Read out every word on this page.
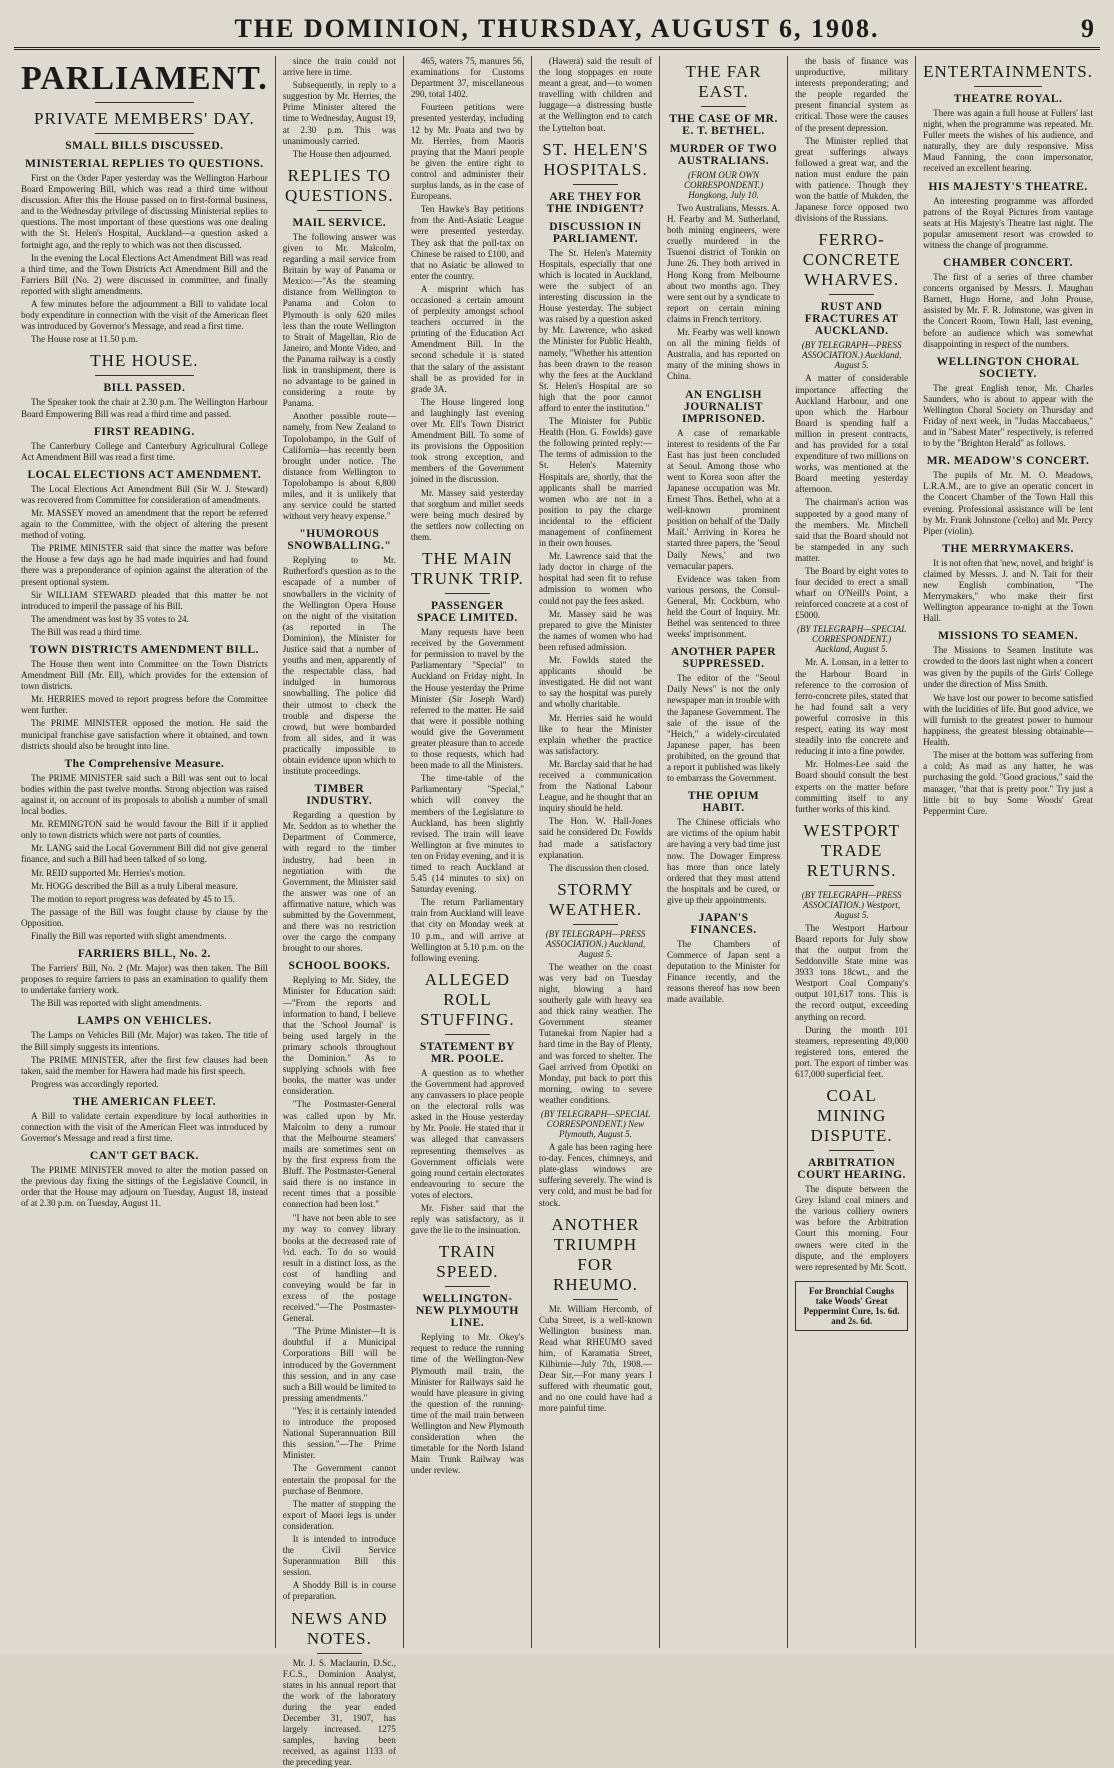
THE DOMINION, THURSDAY, AUGUST 6, 1908.	9
PARLIAMENT.
PRIVATE MEMBERS' DAY.
SMALL BILLS DISCUSSED.
MINISTERIAL REPLIES TO QUESTIONS.

First on the Order Paper yesterday was the Wellington Harbour Board Empowering Bill, which was read a third time without discussion. After this the House passed on to first-formal business, and to the Wednesday privilege of discussing Ministerial replies to questions. The most important of these questions was one dealing with the St. Helen's Hospital, Auckland—a question asked a fortnight ago, and the reply to which was not then discussed.

In the evening the Local Elections Act Amendment Bill was read a third time, and the Town Districts Act Amendment Bill and the Farriers Bill (No. 2) were discussed in committee, and finally reported with slight amendments.

A few minutes before the adjournment a Bill to validate local body expenditure in connection with the visit of the American fleet was introduced by Governor's Message, and read a first time.

The House rose at 11.50 p.m.

THE HOUSE.
BILL PASSED.

The Speaker took the chair at 2.30 p.m. The Wellington Harbour Board Empowering Bill was read a third time and passed.

FIRST READING.

The Canterbury College and Canterbury Agricultural College Act Amendment Bill was read a first time.

LOCAL ELECTIONS ACT AMENDMENT.

The Local Elections Act Amendment Bill (Sir W. J. Steward) was recovered from Committee for consideration of amendments.

Mr. MASSEY moved an amendment that the report be referred again to the Committee, with the object of altering the present method of voting.

The PRIME MINISTER said that since the matter was before the House a few days ago he had made inquiries and had found there was a preponderance of opinion against the alteration of the present optional system.

Sir WILLIAM STEWARD pleaded that this matter be not introduced to imperil the passage of his Bill.

The amendment was lost by 35 votes to 24.

The Bill was read a third time.

TOWN DISTRICTS AMENDMENT BILL.

The House then went into Committee on the Town Districts Amendment Bill (Mr. Ell), which provides for the extension of town districts.

Mr. HERRIES moved to report progress before the Committee went further.

The PRIME MINISTER opposed the motion. He said the municipal franchise gave satisfaction where it obtained, and town districts should also be brought into line.

The Comprehensive Measure.

The PRIME MINISTER said such a Bill was sent out to local bodies within the past twelve months. Strong objection was raised against it, on account of its proposals to abolish a number of small local bodies.

Mr. REMINGTON said he would favour the Bill if it applied only to town districts which were not parts of counties.

Mr. LANG said the Local Government Bill did not give general finance, and such a Bill had been talked of so long.

Mr. REID supported Mr. Herries's motion.

Mr. HOGG described the Bill as a truly Liberal measure.

The motion to report progress was defeated by 45 to 15.

The passage of the Bill was fought clause by clause by the Opposition.

Finally the Bill was reported with slight amendments.

FARRIERS BILL, No. 2.

The Farriers' Bill, No. 2 (Mr. Major) was then taken. The Bill proposes to require farriers to pass an examination to qualify them to undertake farriery work.

The Bill was reported with slight amendments.

LAMPS ON VEHICLES.

The Lamps on Vehicles Bill (Mr. Major) was taken. The title of the Bill simply suggests its intentions.

The PRIME MINISTER, after the first few clauses had been taken, said the member for Hawera had made his first speech.

Progress was accordingly reported.

THE AMERICAN FLEET.

A Bill to validate certain expenditure by local authorities in connection with the visit of the American Fleet was introduced by Governor's Message and read a first time.

CAN'T GET BACK.

The PRIME MINISTER moved to alter the motion passed on the previous day fixing the sittings of the Legislative Council, in order that the House may adjourn on Tuesday, August 18, instead of at 2.30 p.m. on Tuesday, August 11.

since the train could not arrive here in time.

Subsequently, in reply to a suggestion by Mr. Herries, the Prime Minister altered the time to Wednesday, August 19, at 2.30 p.m. This was unanimously carried.

The House then adjourned.

REPLIES TO QUESTIONS.
MAIL SERVICE.

The following answer was given to Mr. Malcolm, regarding a mail service from Britain by way of Panama or Mexico:—"As the steaming distance from Wellington to Panama and Colon to Plymouth is only 620 miles less than the route Wellington to Strait of Magellan, Rio de Janeiro, and Monte Video, and the Panama railway is a costly link in transhipment, there is no advantage to be gained in considering a route by Panama.

Another possible route—namely, from New Zealand to Topolobampo, in the Gulf of California—has recently been brought under notice. The distance from Wellington to Topolobampo is about 6,800 miles, and it is unlikely that any service could be started without very heavy expense."

"HUMOROUS SNOWBALLING."

Replying to Mr. Rutherford's question as to the escapade of a number of snowballers in the vicinity of the Wellington Opera House on the night of the visitation (as reported in The Dominion), the Minister for Justice said that a number of youths and men, apparently of the respectable class, had indulged in humorous snowballing. The police did their utmost to check the trouble and disperse the crowd, but were bombarded from all sides, and it was practically impossible to obtain evidence upon which to institute proceedings.

TIMBER INDUSTRY.

Regarding a question by Mr. Seddon as to whether the Department of Commerce, with regard to the timber industry, had been in negotiation with the Government, the Minister said the answer was one of an affirmative nature, which was submitted by the Government, and there was no restriction over the cargo the company brought to our shores.

SCHOOL BOOKS.

Replying to Mr. Sidey, the Minister for Education said:—"From the reports and information to hand, I believe that the 'School Journal' is being used largely in the primary schools throughout the Dominion." As to supplying schools with free books, the matter was under consideration.

"The Postmaster-General was called upon by Mr. Malcolm to deny a rumour that the Melbourne steamers' mails are sometimes sent on by the first express from the Bluff. The Postmaster-General said there is no instance in recent times that a possible connection had been lost."

"I have not been able to see my way to convey library books at the decreased rate of ½d. each. To do so would result in a distinct loss, as the cost of handling and conveying would be far in excess of the postage received."—The Postmaster-General.

"The Prime Minister—It is doubtful if a Municipal Corporations Bill will be introduced by the Government this session, and in any case such a Bill would be limited to pressing amendments."

"Yes; it is certainly intended to introduce the proposed National Superannuation Bill this session."—The Prime Minister.

The Government cannot entertain the proposal for the purchase of Benmore.

The matter of stopping the export of Maori legs is under consideration.

It is intended to introduce the Civil Service Superannuation Bill this session.

A Shoddy Bill is in course of preparation.

NEWS AND NOTES.

Mr. J. S. Maclaurin, D.Sc., F.C.S., Dominion Analyst, states in his annual report that the work of the laboratory during the year ended December 31, 1907, has largely increased. 1275 samples, having been received, as against 1133 of the preceding year.

465, waters 75, manures 56, examinations for Customs Department 37, miscellaneous 290, total 1402.

Fourteen petitions were presented yesterday, including 12 by Mr. Poata and two by Mr. Herries, from Maoris praying that the Maori people be given the entire right to control and administer their surplus lands, as in the case of Europeans.

Ten Hawke's Bay petitions from the Anti-Asiatic League were presented yesterday. They ask that the poll-tax on Chinese be raised to £100, and that no Asiatic be allowed to enter the country.

A misprint which has occasioned a certain amount of perplexity amongst school teachers occurred in the printing of the Education Act Amendment Bill. In the second schedule it is stated that the salary of the assistant shall be as provided for in grade 3A.

The House lingered long and laughingly last evening over Mr. Ell's Town District Amendment Bill. To some of its provisions the Opposition took strong exception, and members of the Government joined in the discussion.

Mr. Massey said yesterday that sorghum and millet seeds were being much desired by the settlers now collecting on them.

THE MAIN TRUNK TRIP.
PASSENGER SPACE LIMITED.

Many requests have been received by the Government for permission to travel by the Parliamentary "Special" to Auckland on Friday night. In the House yesterday the Prime Minister (Sir Joseph Ward) referred to the matter. He said that were it possible nothing would give the Government greater pleasure than to accede to those requests, which had been made to all the Ministers.

The time-table of the Parliamentary "Special," which will convey the members of the Legislature to Auckland, has been slightly revised. The train will leave Wellington at five minutes to ten on Friday evening, and it is timed to reach Auckland at 5.45 (14 minutes to six) on Saturday evening.

The return Parliamentary train from Auckland will leave that city on Monday week at 10 p.m., and will arrive at Wellington at 5.10 p.m. on the following evening.

ALLEGED ROLL STUFFING.
STATEMENT BY MR. POOLE.

A question as to whether the Government had approved any canvassers to place people on the electoral rolls was asked in the House yesterday by Mr. Poole. He stated that it was alleged that canvassers representing themselves as Government officials were going round certain electorates endeavouring to secure the votes of electors.

Mr. Fisher said that the reply was satisfactory, as it gave the lie to the insinuation.

TRAIN SPEED.
WELLINGTON-NEW PLYMOUTH LINE.

Replying to Mr. Okey's request to reduce the running time of the Wellington-New Plymouth mail train, the Minister for Railways said he would have pleasure in giving the question of the running-time of the mail train between Wellington and New Plymouth consideration when the timetable for the North Island Main Trunk Railway was under review.

(Hawera) said the result of the long stoppages en route meant a great, and—to women travelling with children and luggage—a distressing bustle at the Wellington end to catch the Lyttelton boat.

ST. HELEN'S HOSPITALS.
ARE THEY FOR THE INDIGENT?
DISCUSSION IN PARLIAMENT.

The St. Helen's Maternity Hospitals, especially that one which is located in Auckland, were the subject of an interesting discussion in the House yesterday. The subject was raised by a question asked by Mr. Lawrence, who asked the Minister for Public Health, namely, "Whether his attention has been drawn to the reason why the fees at the Auckland St. Helen's Hospital are so high that the poor cannot afford to enter the institution."

The Minister for Public Health (Hon. G. Fowlds) gave the following printed reply:—The terms of admission to the St. Helen's Maternity Hospitals are, shortly, that the applicants shall be married women who are not in a position to pay the charge incidental to the efficient management of confinement in their own houses.

Mr. Lawrence said that the lady doctor in charge of the hospital had seen fit to refuse admission to women who could not pay the fees asked.

Mr. Massey said he was prepared to give the Minister the names of women who had been refused admission.

Mr. Fowlds stated the applicants should be investigated. He did not want to say the hospital was purely and wholly charitable.

Mr. Herries said he would like to hear the Minister explain whether the practice was satisfactory.

Mr. Barclay said that he had received a communication from the National Labour League, and he thought that an inquiry should be held.

The Hon. W. Hall-Jones said he considered Dr. Fowlds had made a satisfactory explanation.

The discussion then closed.

STORMY WEATHER.
(BY TELEGRAPH—PRESS ASSOCIATION.) Auckland, August 5.

The weather on the coast was very bad on Tuesday night, blowing a hard southerly gale with heavy sea and thick rainy weather. The Government steamer Tutanekai from Napier had a hard time in the Bay of Plenty, and was forced to shelter. The Gael arrived from Opotiki on Monday, put back to port this morning, owing to severe weather conditions.

(BY TELEGRAPH—SPECIAL CORRESPONDENT.) New Plymouth, August 5.

A gale has been raging here to-day. Fences, chimneys, and plate-glass windows are suffering severely. The wind is very cold, and must be bad for stock.

ANOTHER TRIUMPH FOR RHEUMO.

Mr. William Hercomb, of Cuba Street, is a well-known Wellington business man. Read what RHEUMO saved him, of Karamatia Street, Kilbirnie—July 7th, 1908.—Dear Sir,—For many years I suffered with rheumatic gout, and no one could have had a more painful time.

THE FAR EAST.
THE CASE OF MR. E. T. BETHEL.
MURDER OF TWO AUSTRALIANS.
(FROM OUR OWN CORRESPONDENT.) Hongkong, July 10.

Two Australians, Messrs. A. H. Fearby and M. Sutherland, both mining engineers, were cruelly murdered in the Tsuenoi district of Tonkin on June 26. They both arrived in Hong Kong from Melbourne about two months ago. They were sent out by a syndicate to report on certain mining claims in French territory.

Mr. Fearby was well known on all the mining fields of Australia, and has reported on many of the mining shows in China.

AN ENGLISH JOURNALIST IMPRISONED.

A case of remarkable interest to residents of the Far East has just been concluded at Seoul. Among those who went to Korea soon after the Japanese occupation was Mr. Ernest Thos. Bethel, who at a well-known prominent position on behalf of the 'Daily Mail.' Arriving in Korea he started three papers, the 'Seoul Daily News,' and two vernacular papers.

Evidence was taken from various persons, the Consul-General, Mr. Cockburn, who held the Court of Inquiry. Mr. Bethel was sentenced to three weeks' imprisonment.

ANOTHER PAPER SUPPRESSED.

The editor of the "Seoul Daily News" is not the only newspaper man in trouble with the Japanese Government. The sale of the issue of the "Heich," a widely-circulated Japanese paper, has been prohibited, on the ground that a report it published was likely to embarrass the Government.

THE OPIUM HABIT.

The Chinese officials who are victims of the opium habit are having a very bad time just now. The Dowager Empress has more than once lately ordered that they must attend the hospitals and be cured, or give up their appointments.

JAPAN'S FINANCES.

The Chambers of Commerce of Japan sent a deputation to the Minister for Finance recently, and the reasons thereof has now been made available.

the basis of finance was unproductive, military interests preponderating; and the people regarded the present financial system as critical. Those were the causes of the present depression.

The Minister replied that great sufferings always followed a great war, and the nation must endure the pain with patience. Though they won the battle of Mukden, the Japanese force opposed two divisions of the Russians.

FERRO-CONCRETE WHARVES.
RUST AND FRACTURES AT AUCKLAND.
(BY TELEGRAPH—PRESS ASSOCIATION.) Auckland, August 5.

A matter of considerable importance affecting the Auckland Harbour, and one upon which the Harbour Board is spending half a million in present contracts, and has provided for a total expenditure of two millions on works, was mentioned at the Board meeting yesterday afternoon.

The chairman's action was supported by a good many of the members. Mr. Mitchell said that the Board should not be stampeded in any such matter.

The Board by eight votes to four decided to erect a small wharf on O'Neill's Point, a reinforced concrete at a cost of £5000.

(BY TELEGRAPH—SPECIAL CORRESPONDENT.) Auckland, August 5.

Mr. A. Lonsan, in a letter to the Harbour Board in reference to the corrosion of ferro-concrete piles, stated that he had found salt a very powerful corrosive in this respect, eating its way most steadily into the concrete and reducing it into a fine powder.

Mr. Holmes-Lee said the Board should consult the best experts on the matter before committing itself to any further works of this kind.

WESTPORT TRADE RETURNS.
(BY TELEGRAPH—PRESS ASSOCIATION.) Westport, August 5.

The Westport Harbour Board reports for July show that the output from the Seddonville State mine was 3933 tons 18cwt., and the Westport Coal Company's output 101,617 tons. This is the record output, exceeding anything on record.

During the month 101 steamers, representing 49,000 registered tons, entered the port. The export of timber was 617,000 superficial feet.

COAL MINING DISPUTE.
ARBITRATION COURT HEARING.

The dispute between the Grey Island coal miners and the various colliery owners was before the Arbitration Court this morning. Four owners were cited in the dispute, and the employers were represented by Mr. Scott.

For Bronchial Coughs take Woods' Great Peppermint Cure, 1s. 6d. and 2s. 6d.
ENTERTAINMENTS.
THEATRE ROYAL.

There was again a full house at Fullers' last night, when the programme was repeated. Mr. Fuller meets the wishes of his audience, and naturally, they are duly responsive. Miss Maud Fanning, the coon impersonator, received an excellent hearing.

HIS MAJESTY'S THEATRE.

An interesting programme was afforded patrons of the Royal Pictures from vantage seats at His Majesty's Theatre last night. The popular amusement resort was crowded to witness the change of programme.

CHAMBER CONCERT.

The first of a series of three chamber concerts organised by Messrs. J. Maughan Barnett, Hugo Horne, and John Prouse, assisted by Mr. F. R. Johnstone, was given in the Concert Room, Town Hall, last evening, before an audience which was somewhat disappointing in respect of the numbers.

WELLINGTON CHORAL SOCIETY.

The great English tenor, Mr. Charles Saunders, who is about to appear with the Wellington Choral Society on Thursday and Friday of next week, in "Judas Maccabaeus," and in "Sabest Mater" respectively, is referred to by the "Brighton Herald" as follows.

MR. MEADOW'S CONCERT.

The pupils of Mr. M. O. Meadows, L.R.A.M., are to give an operatic concert in the Concert Chamber of the Town Hall this evening. Professional assistance will be lent by Mr. Frank Johnstone ('cello) and Mr. Percy Piper (violin).

THE MERRYMAKERS.

It is not often that 'new, novel, and bright' is claimed by Messrs. J. and N. Tait for their new English combination, "The Merrymakers," who make their first Wellington appearance to-night at the Town Hall.

MISSIONS TO SEAMEN.

The Missions to Seamen Institute was crowded to the doors last night when a concert was given by the pupils of the Girls' College under the direction of Miss Smith.

We have lost our power to become satisfied with the lucidities of life. But good advice, we will furnish to the greatest power to humour happiness, the greatest blessing obtainable—Health.

The miser at the bottom was suffering from a cold; As mad as any hatter, he was purchasing the gold. "Good gracious," said the manager, "that that is pretty poor." Try just a little bit to buy Some Woods' Great Peppermint Cure.
